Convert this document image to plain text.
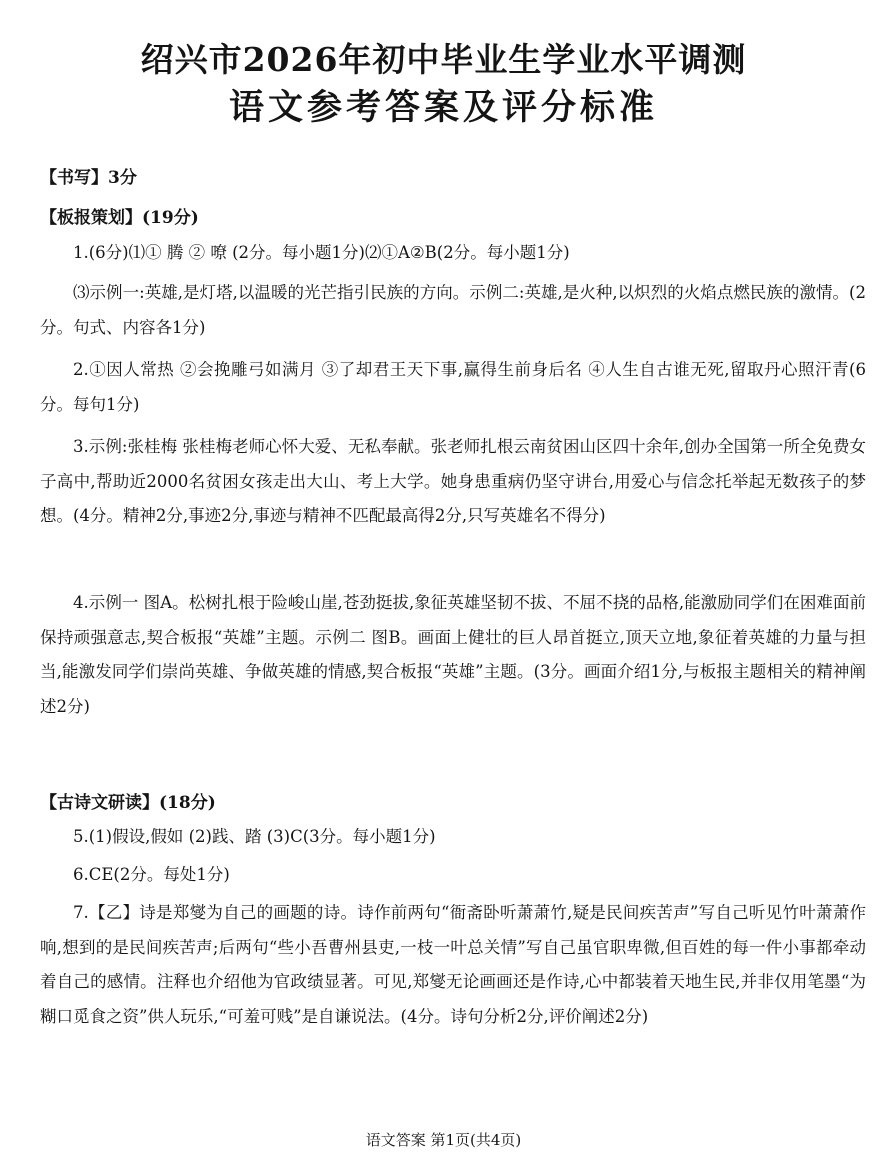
绍兴市2026年初中毕业生学业水平调测
语文参考答案及评分标准
【书写】3分
【板报策划】(19分)

1.(6分)⑴① 腾 ② 嘹 (2分。每小题1分)⑵①A②B(2分。每小题1分)

⑶示例一:英雄,是灯塔,以温暖的光芒指引民族的方向。示例二:英雄,是火种,以炽烈的火焰点燃民族的激情。(2分。句式、内容各1分)

2.①因人常热 ②会挽雕弓如满月 ③了却君王天下事,赢得生前身后名 ④人生自古谁无死,留取丹心照汗青(6分。每句1分)

3.示例:张桂梅 张桂梅老师心怀大爱、无私奉献。张老师扎根云南贫困山区四十余年,创办全国第一所全免费女子高中,帮助近2000名贫困女孩走出大山、考上大学。她身患重病仍坚守讲台,用爱心与信念托举起无数孩子的梦想。(4分。精神2分,事迹2分,事迹与精神不匹配最高得2分,只写英雄名不得分)

4.示例一 图A。松树扎根于险峻山崖,苍劲挺拔,象征英雄坚韧不拔、不屈不挠的品格,能激励同学们在困难面前保持顽强意志,契合板报“英雄”主题。示例二 图B。画面上健壮的巨人昂首挺立,顶天立地,象征着英雄的力量与担当,能激发同学们崇尚英雄、争做英雄的情感,契合板报“英雄”主题。(3分。画面介绍1分,与板报主题相关的精神阐述2分)

【古诗文研读】(18分)

5.(1)假设,假如 (2)践、踏 (3)C(3分。每小题1分)

6.CE(2分。每处1分)

7.【乙】诗是郑燮为自己的画题的诗。诗作前两句“衙斋卧听萧萧竹,疑是民间疾苦声”写自己听见竹叶萧萧作响,想到的是民间疾苦声;后两句“些小吾曹州县吏,一枝一叶总关情”写自己虽官职卑微,但百姓的每一件小事都牵动着自己的感情。注释也介绍他为官政绩显著。可见,郑燮无论画画还是作诗,心中都装着天地生民,并非仅用笔墨“为糊口觅食之资”供人玩乐,“可羞可贱”是自谦说法。(4分。诗句分析2分,评价阐述2分)

语文答案 第1页(共4页)
